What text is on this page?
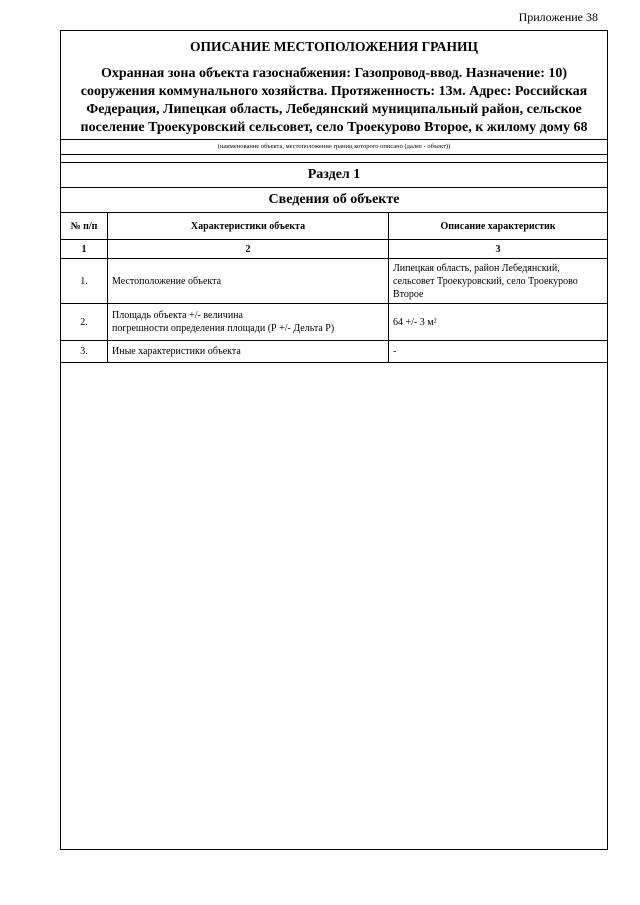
Приложение 38
ОПИСАНИЕ МЕСТОПОЛОЖЕНИЯ ГРАНИЦ

Охранная зона объекта газоснабжения: Газопровод-ввод. Назначение: 10)
сооружения коммунального хозяйства. Протяженность: 13м. Адрес: Российская
Федерация, Липецкая область, Лебедянский муниципальный район, сельское
поселение Троекуровский сельсовет, село Троекурово Второе, к жилому дому 68

(наименование объекта, местоположение границ которого описано (далее - объект))
Раздел 1
Сведения об объекте
№ п/п	Характеристики объекта	Описание характеристик
1	2	3
1.	Местоположение объекта	Липецкая область, район Лебедянский,
сельсовет Троекуровский, село Троекурово
Второе
2.	Площадь объекта +/- величина
погрешности определения площади (Р +/- Дельта Р)	64 +/- 3 м²
3.	Иные характеристики объекта	-
